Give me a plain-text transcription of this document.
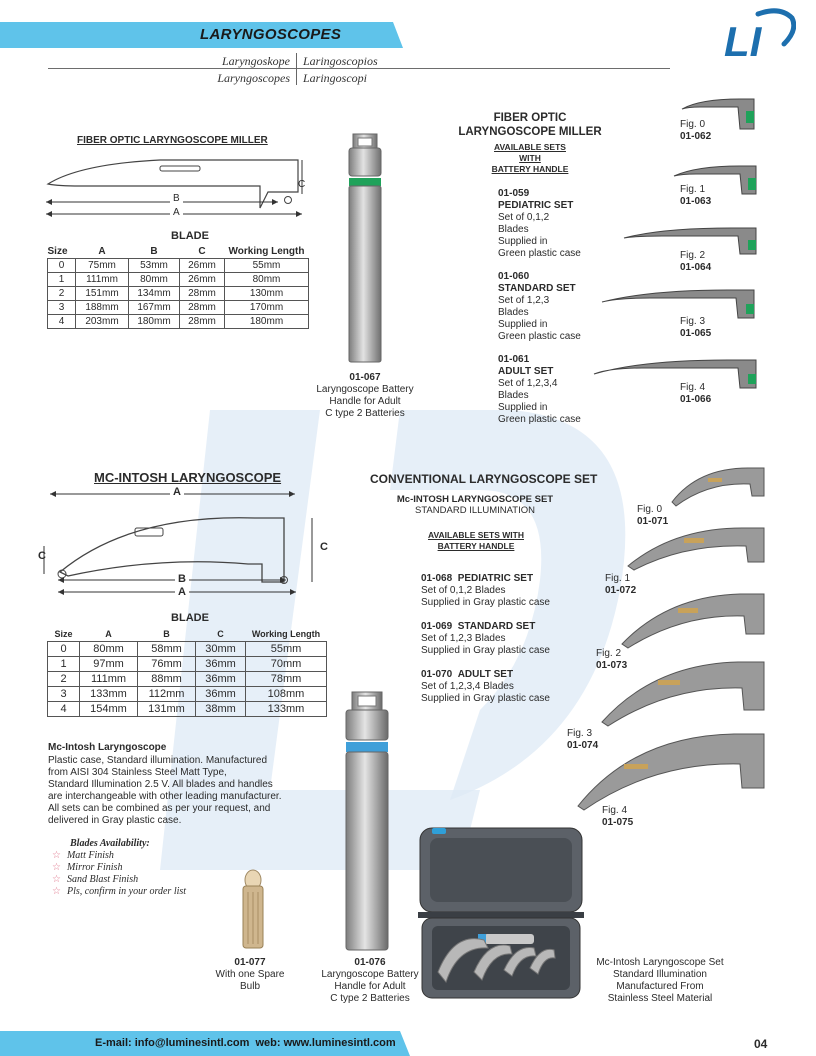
LARYNGOSCOPES
Laryngoskope
Laryngoscopes
Laringoscopios
Laringoscopi
LI
FIBER OPTIC LARYNGOSCOPE MILLER
C
B
A
BLADE
Size	A	B	C	Working Length
0	75mm	53mm	26mm	55mm
1	111mm	80mm	26mm	80mm
2	151mm	134mm	28mm	130mm
3	188mm	167mm	28mm	170mm
4	203mm	180mm	28mm	180mm
01-067
Laryngoscope Battery
Handle for Adult
C type 2 Batteries
FIBER OPTIC
LARYNGOSCOPE MILLER
AVAILABLE SETS
WITH
BATTERY HANDLE
01-059
PEDIATRIC SET
Set of 0,1,2
Blades
Supplied in
Green plastic case
01-060
STANDARD SET
Set of 1,2,3
Blades
Supplied in
Green plastic case
01-061
ADULT SET
Set of 1,2,3,4
Blades
Supplied in
Green plastic case
Fig. 0
01-062
Fig. 1
01-063
Fig. 2
01-064
Fig. 3
01-065
Fig. 4
01-066
MC-INTOSH LARYNGOSCOPE
A
C
C
B
A
BLADE
Size	A	B	C	Working Length
0	80mm	58mm	30mm	55mm
1	97mm	76mm	36mm	70mm
2	111mm	88mm	36mm	78mm
3	133mm	112mm	36mm	108mm
4	154mm	131mm	38mm	133mm
Mc-Intosh Laryngoscope
Plastic case, Standard illumination. Manufactured
from AISI 304 Stainless Steel Matt Type,
Standard Illumination 2.5 V. All blades and handles
are interchangeable with other leading manufacturer.
All sets can be combined as per your request, and
delivered in Gray plastic case.
Blades Availability:
☆ Matt Finish
☆ Mirror Finish
☆ Sand Blast Finish
☆ Pls, confirm in your order list
01-077
With one Spare
Bulb
01-076
Laryngoscope Battery
Handle for Adult
C type 2 Batteries
CONVENTIONAL LARYNGOSCOPE SET
Mc-INTOSH LARYNGOSCOPE SET
STANDARD ILLUMINATION
AVAILABLE SETS WITH
BATTERY HANDLE
01-068 PEDIATRIC SET
Set of 0,1,2 Blades
Supplied in Gray plastic case
01-069 STANDARD SET
Set of 1,2,3 Blades
Supplied in Gray plastic case
01-070 ADULT SET
Set of 1,2,3,4 Blades
Supplied in Gray plastic case
Fig. 0
01-071
Fig. 1
01-072
Fig. 2
01-073
Fig. 3
01-074
Fig. 4
01-075
Mc-Intosh Laryngoscope Set
Standard Illumination
Manufactured From
Stainless Steel Material
E-mail: info@luminesintl.com  web: www.luminesintl.com	04
